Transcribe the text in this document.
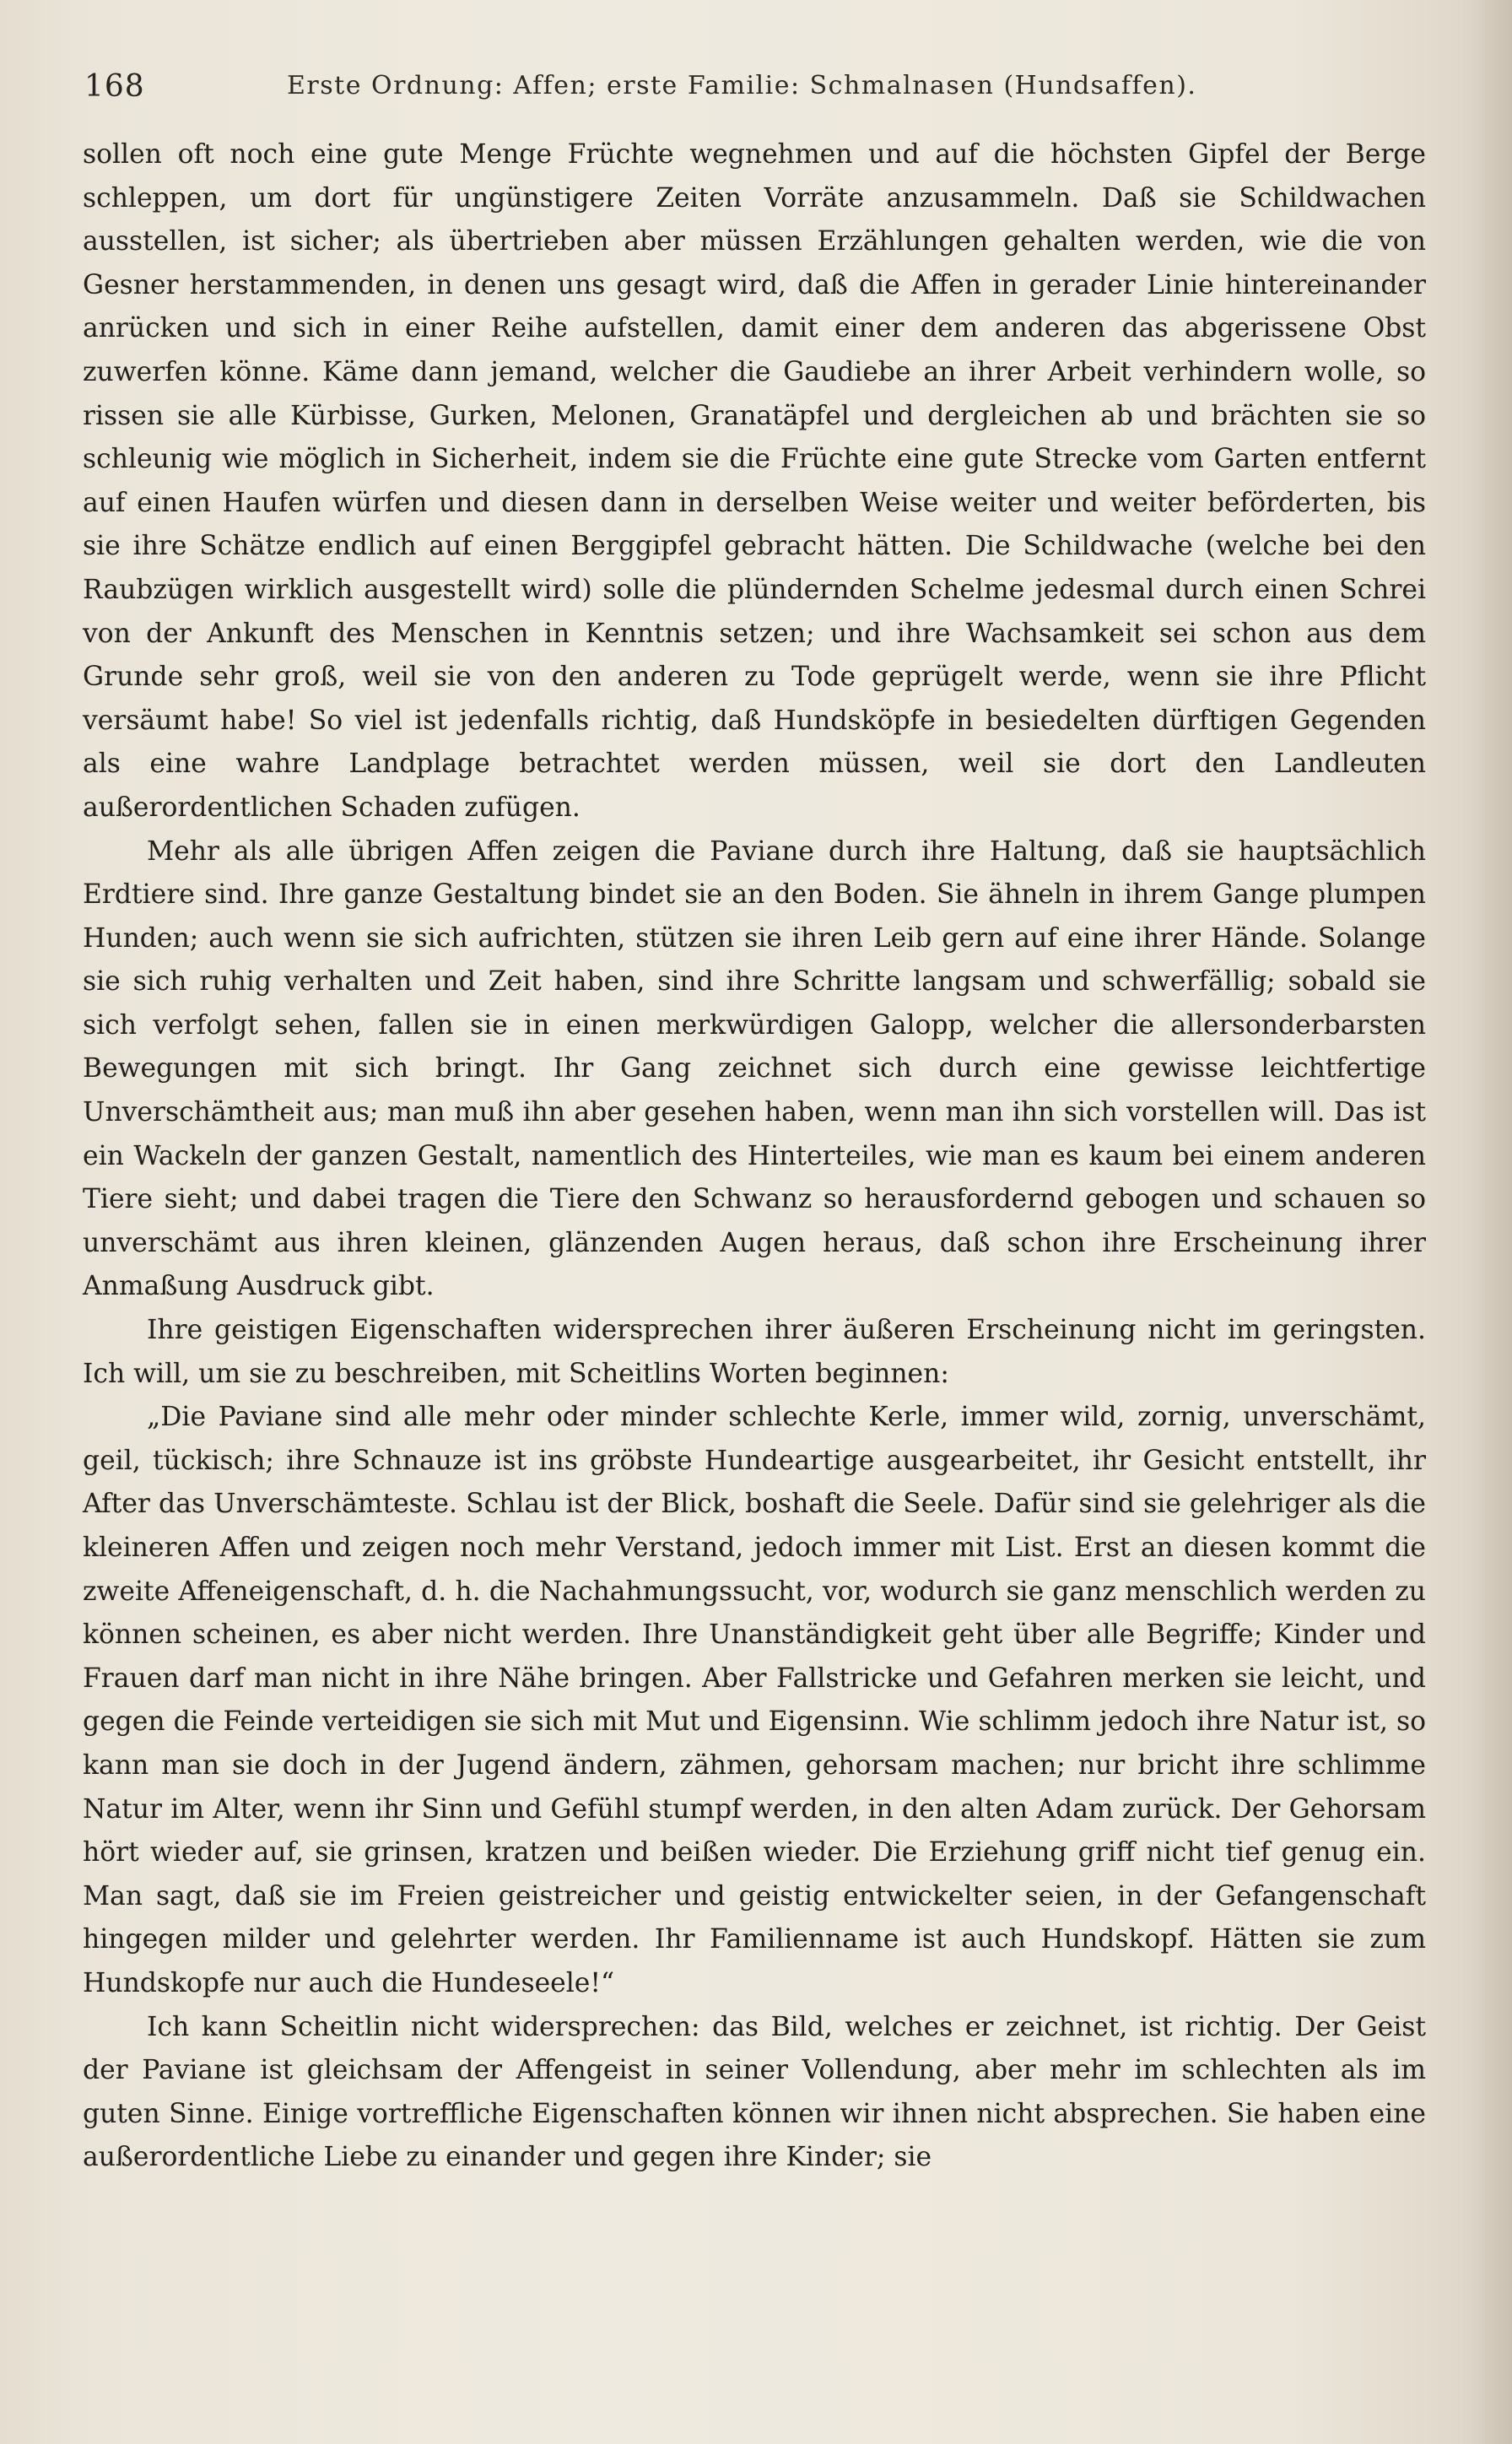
168	Erste Ordnung: Affen; erste Familie: Schmalnasen (Hundsaffen).

sollen oft noch eine gute Menge Früchte wegnehmen und auf die höchsten Gipfel der Berge schleppen, um dort für ungünstigere Zeiten Vorräte anzusammeln. Daß sie Schildwachen ausstellen, ist sicher; als übertrieben aber müssen Erzählungen gehalten werden, wie die von Gesner herstammenden, in denen uns gesagt wird, daß die Affen in gerader Linie hintereinander anrücken und sich in einer Reihe aufstellen, damit einer dem anderen das abgerissene Obst zuwerfen könne. Käme dann jemand, welcher die Gaudiebe an ihrer Arbeit verhindern wolle, so rissen sie alle Kürbisse, Gurken, Melonen, Granatäpfel und dergleichen ab und brächten sie so schleunig wie möglich in Sicherheit, indem sie die Früchte eine gute Strecke vom Garten entfernt auf einen Haufen würfen und diesen dann in derselben Weise weiter und weiter beförderten, bis sie ihre Schätze endlich auf einen Berggipfel gebracht hätten. Die Schildwache (welche bei den Raubzügen wirklich ausgestellt wird) solle die plündernden Schelme jedesmal durch einen Schrei von der Ankunft des Menschen in Kenntnis setzen; und ihre Wachsamkeit sei schon aus dem Grunde sehr groß, weil sie von den anderen zu Tode geprügelt werde, wenn sie ihre Pflicht versäumt habe! So viel ist jedenfalls richtig, daß Hundsköpfe in besiedelten dürftigen Gegenden als eine wahre Landplage betrachtet werden müssen, weil sie dort den Landleuten außerordentlichen Schaden zufügen.

Mehr als alle übrigen Affen zeigen die Paviane durch ihre Haltung, daß sie hauptsächlich Erdtiere sind. Ihre ganze Gestaltung bindet sie an den Boden. Sie ähneln in ihrem Gange plumpen Hunden; auch wenn sie sich aufrichten, stützen sie ihren Leib gern auf eine ihrer Hände. Solange sie sich ruhig verhalten und Zeit haben, sind ihre Schritte langsam und schwerfällig; sobald sie sich verfolgt sehen, fallen sie in einen merkwürdigen Galopp, welcher die allersonderbarsten Bewegungen mit sich bringt. Ihr Gang zeichnet sich durch eine gewisse leichtfertige Unverschämtheit aus; man muß ihn aber gesehen haben, wenn man ihn sich vorstellen will. Das ist ein Wackeln der ganzen Gestalt, namentlich des Hinterteiles, wie man es kaum bei einem anderen Tiere sieht; und dabei tragen die Tiere den Schwanz so herausfordernd gebogen und schauen so unverschämt aus ihren kleinen, glänzenden Augen heraus, daß schon ihre Erscheinung ihrer Anmaßung Ausdruck gibt.

Ihre geistigen Eigenschaften widersprechen ihrer äußeren Erscheinung nicht im geringsten. Ich will, um sie zu beschreiben, mit Scheitlins Worten beginnen:

„Die Paviane sind alle mehr oder minder schlechte Kerle, immer wild, zornig, unverschämt, geil, tückisch; ihre Schnauze ist ins gröbste Hundeartige ausgearbeitet, ihr Gesicht entstellt, ihr After das Unverschämteste. Schlau ist der Blick, boshaft die Seele. Dafür sind sie gelehriger als die kleineren Affen und zeigen noch mehr Verstand, jedoch immer mit List. Erst an diesen kommt die zweite Affeneigenschaft, d. h. die Nachahmungssucht, vor, wodurch sie ganz menschlich werden zu können scheinen, es aber nicht werden. Ihre Unanständigkeit geht über alle Begriffe; Kinder und Frauen darf man nicht in ihre Nähe bringen. Aber Fallstricke und Gefahren merken sie leicht, und gegen die Feinde verteidigen sie sich mit Mut und Eigensinn. Wie schlimm jedoch ihre Natur ist, so kann man sie doch in der Jugend ändern, zähmen, gehorsam machen; nur bricht ihre schlimme Natur im Alter, wenn ihr Sinn und Gefühl stumpf werden, in den alten Adam zurück. Der Gehorsam hört wieder auf, sie grinsen, kratzen und beißen wieder. Die Erziehung griff nicht tief genug ein. Man sagt, daß sie im Freien geistreicher und geistig entwickelter seien, in der Gefangenschaft hingegen milder und gelehrter werden. Ihr Familienname ist auch Hundskopf. Hätten sie zum Hundskopfe nur auch die Hundeseele!“

Ich kann Scheitlin nicht widersprechen: das Bild, welches er zeichnet, ist richtig. Der Geist der Paviane ist gleichsam der Affengeist in seiner Vollendung, aber mehr im schlechten als im guten Sinne. Einige vortreffliche Eigenschaften können wir ihnen nicht absprechen. Sie haben eine außerordentliche Liebe zu einander und gegen ihre Kinder; sie
